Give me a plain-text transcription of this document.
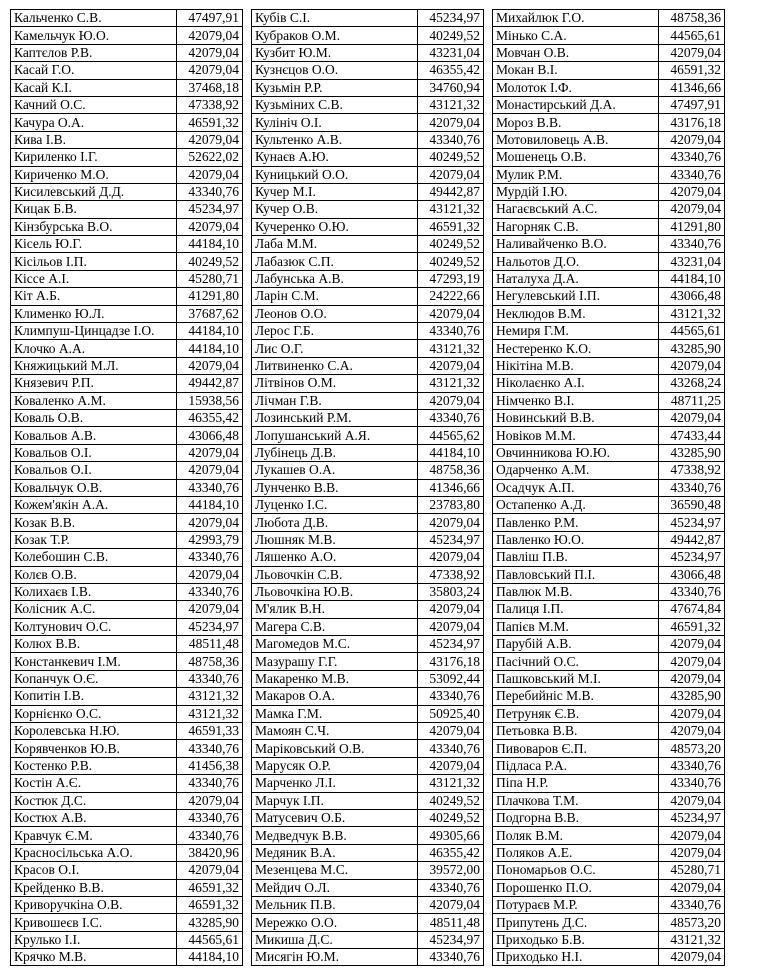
Кальченко С.В.	47497,91
Камельчук Ю.О.	42079,04
Каптєлов Р.В.	42079,04
Касай Г.О.	42079,04
Касай К.І.	37468,18
Качний О.С.	47338,92
Качура О.А.	46591,32
Кива І.В.	42079,04
Кириленко І.Г.	52622,02
Кириченко М.О.	42079,04
Кисилевський Д.Д.	43340,76
Кицак Б.В.	45234,97
Кінзбурська В.О.	42079,04
Кісель Ю.Г.	44184,10
Кісільов І.П.	40249,52
Кіссе А.І.	45280,71
Кіт А.Б.	41291,80
Клименко Ю.Л.	37687,62
Климпуш-Цинцадзе І.О.	44184,10
Клочко А.А.	44184,10
Княжицький М.Л.	42079,04
Князевич Р.П.	49442,87
Коваленко А.М.	15938,56
Коваль О.В.	46355,42
Ковальов А.В.	43066,48
Ковальов О.І.	42079,04
Ковальов О.І.	42079,04
Ковальчук О.В.	43340,76
Кожем'якін А.А.	44184,10
Козак В.В.	42079,04
Козак Т.Р.	42993,79
Колебошин С.В.	43340,76
Колєв О.В.	42079,04
Колихаєв І.В.	43340,76
Колісник А.С.	42079,04
Колтунович О.С.	45234,97
Колюх В.В.	48511,48
Констанкевич І.М.	48758,36
Копанчук О.Є.	43340,76
Копитін І.В.	43121,32
Корнієнко О.С.	43121,32
Королевська Н.Ю.	46591,33
Корявченков Ю.В.	43340,76
Костенко Р.В.	41456,38
Костін А.Є.	43340,76
Костюк Д.С.	42079,04
Костюх А.В.	43340,76
Кравчук Є.М.	43340,76
Красносільська А.О.	38420,96
Красов О.І.	42079,04
Крейденко В.В.	46591,32
Криворучкіна О.В.	46591,32
Кривошеєв І.С.	43285,90
Крулько І.І.	44565,61
Крячко М.В.	44184,10
Кубів С.І.	45234,97
Кубраков О.М.	40249,52
Кузбит Ю.М.	43231,04
Кузнєцов О.О.	46355,42
Кузьмін Р.Р.	34760,94
Кузьміних С.В.	43121,32
Кулініч О.І.	42079,04
Культенко А.В.	43340,76
Кунаєв А.Ю.	40249,52
Куницький О.О.	42079,04
Кучер М.І.	49442,87
Кучер О.В.	43121,32
Кучеренко О.Ю.	46591,32
Лаба М.М.	40249,52
Лабазюк С.П.	40249,52
Лабунська А.В.	47293,19
Ларін С.М.	24222,66
Леонов О.О.	42079,04
Лерос Г.Б.	43340,76
Лис О.Г.	43121,32
Литвиненко С.А.	42079,04
Літвінов О.М.	43121,32
Лічман Г.В.	42079,04
Лозинський Р.М.	43340,76
Лопушанський А.Я.	44565,62
Лубінець Д.В.	44184,10
Лукашев О.А.	48758,36
Лунченко В.В.	41346,66
Луценко І.С.	23783,80
Любота Д.В.	42079,04
Люшняк М.В.	45234,97
Ляшенко А.О.	42079,04
Льовочкін С.В.	47338,92
Льовочкіна Ю.В.	35803,24
М'ялик В.Н.	42079,04
Магера С.В.	42079,04
Магомедов М.С.	45234,97
Мазурашу Г.Г.	43176,18
Макаренко М.В.	53092,44
Макаров О.А.	43340,76
Мамка Г.М.	50925,40
Мамоян С.Ч.	42079,04
Маріковський О.В.	43340,76
Марусяк О.Р.	42079,04
Марченко Л.І.	43121,32
Марчук І.П.	40249,52
Матусевич О.Б.	40249,52
Медведчук В.В.	49305,66
Медяник В.А.	46355,42
Мезенцева М.С.	39572,00
Мейдич О.Л.	43340,76
Мельник П.В.	42079,04
Мережко О.О.	48511,48
Микиша Д.С.	45234,97
Мисягін Ю.М.	43340,76
Михайлюк Г.О.	48758,36
Мінько С.А.	44565,61
Мовчан О.В.	42079,04
Мокан В.І.	46591,32
Молоток І.Ф.	41346,66
Монастирський Д.А.	47497,91
Мороз В.В.	43176,18
Мотовиловець А.В.	42079,04
Мошенець О.В.	43340,76
Мулик Р.М.	43340,76
Мурдій І.Ю.	42079,04
Нагаєвський А.С.	42079,04
Нагорняк С.В.	41291,80
Наливайченко В.О.	43340,76
Нальотов Д.О.	43231,04
Наталуха Д.А.	44184,10
Негулевський І.П.	43066,48
Неклюдов В.М.	43121,32
Немиря Г.М.	44565,61
Нестеренко К.О.	43285,90
Нікітіна М.В.	42079,04
Ніколаєнко А.І.	43268,24
Німченко В.І.	48711,25
Новинський В.В.	42079,04
Новіков М.М.	47433,44
Овчинникова Ю.Ю.	43285,90
Одарченко А.М.	47338,92
Осадчук А.П.	43340,76
Остапенко А.Д.	36590,48
Павленко Р.М.	45234,97
Павленко Ю.О.	49442,87
Павліш П.В.	45234,97
Павловський П.І.	43066,48
Павлюк М.В.	43340,76
Палиця І.П.	47674,84
Папієв М.М.	46591,32
Парубій А.В.	42079,04
Пасічний О.С.	42079,04
Пашковський М.І.	42079,04
Перебийніс М.В.	43285,90
Петруняк Є.В.	42079,04
Петьовка В.В.	42079,04
Пивоваров Є.П.	48573,20
Підласа Р.А.	43340,76
Піпа Н.Р.	43340,76
Плачкова Т.М.	42079,04
Подгорна В.В.	45234,97
Поляк В.М.	42079,04
Поляков А.Е.	42079,04
Пономарьов О.С.	45280,71
Порошенко П.О.	42079,04
Потураєв М.Р.	43340,76
Припутень Д.С.	48573,20
Приходько Б.В.	43121,32
Приходько Н.І.	42079,04
